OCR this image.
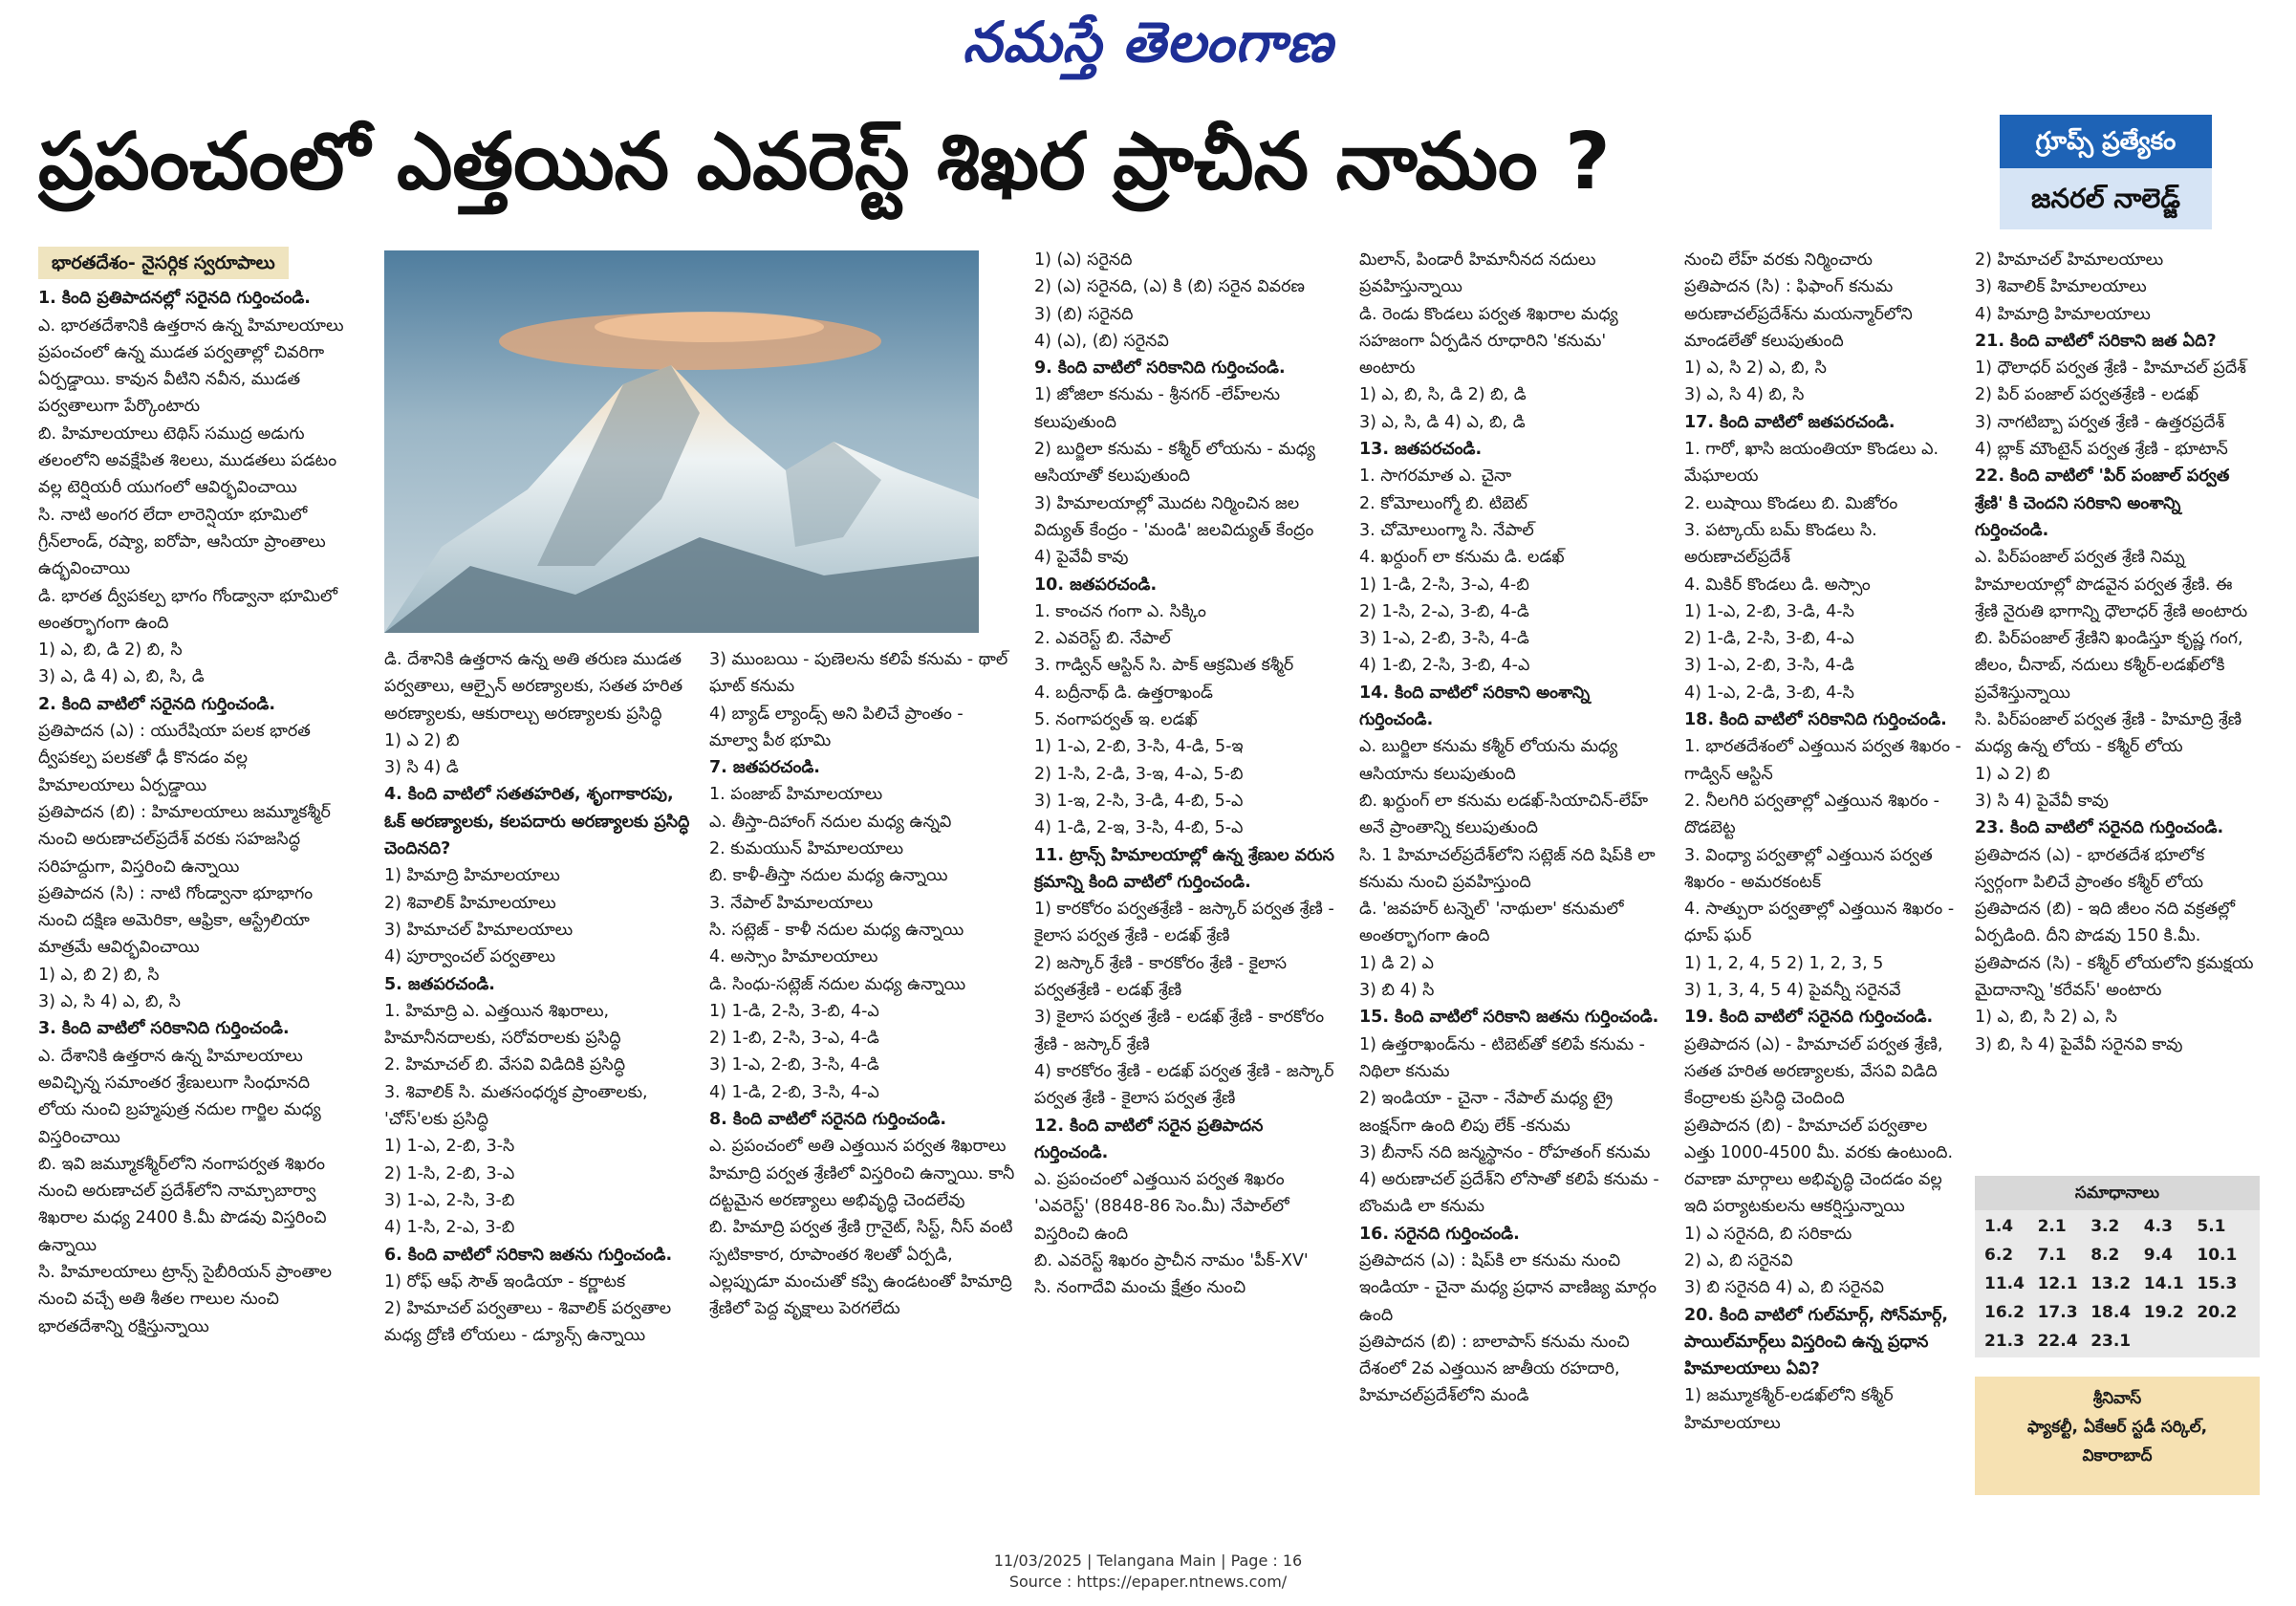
నమస్తే తెలంగాణ
ప్రపంచంలో ఎత్తయిన ఎవరెస్ట్ శిఖర ప్రాచీన నామం ?	గ్రూప్స్ ప్రత్యేకం
జనరల్ నాలెడ్జ్
భారతదేశం- నైసర్గిక స్వరూపాలు

1. కింది ప్రతిపాదనల్లో సరైనది గుర్తించండి.

ఎ. భారతదేశానికి ఉత్తరాన ఉన్న హిమాలయాలు ప్రపంచంలో ఉన్న ముడత పర్వతాల్లో చివరిగా ఏర్పడ్డాయి. కావున వీటిని నవీన, ముడత పర్వతాలుగా పేర్కొంటారు

బి. హిమాలయాలు టెథిస్ సముద్ర అడుగు తలంలోని అవక్షేపిత శిలలు, ముడతలు పడటం వల్ల టెర్షియరీ యుగంలో ఆవిర్భవించాయి

సి. నాటి అంగర లేదా లారెన్షియా భూమిలో గ్రీన్‌లాండ్, రష్యా, ఐరోపా, ఆసియా ప్రాంతాలు ఉద్భవించాయి

డి. భారత ద్వీపకల్ప భాగం గోండ్వానా భూమిలో అంతర్భాగంగా ఉంది

1) ఎ, బి, డి 2) బి, సి

3) ఎ, డి 4) ఎ, బి, సి, డి

2. కింది వాటిలో సరైనది గుర్తించండి.

ప్రతిపాదన (ఎ) : యురేషియా పలక భారత ద్వీపకల్ప పలకతో ఢీ కొనడం వల్ల హిమాలయాలు ఏర్పడ్డాయి

ప్రతిపాదన (బి) : హిమాలయాలు జమ్మూకశ్మీర్ నుంచి అరుణాచల్‌ప్రదేశ్ వరకు సహజసిద్ధ సరిహద్దుగా, విస్తరించి ఉన్నాయి

ప్రతిపాదన (సి) : నాటి గోండ్వానా భూభాగం నుంచి దక్షిణ అమెరికా, ఆఫ్రికా, ఆస్ట్రేలియా మాత్రమే ఆవిర్భవించాయి

1) ఎ, బి 2) బి, సి

3) ఎ, సి 4) ఎ, బి, సి

3. కింది వాటిలో సరికానిది గుర్తించండి.

ఎ. దేశానికి ఉత్తరాన ఉన్న హిమాలయాలు అవిచ్ఛిన్న సమాంతర శ్రేణులుగా సింధూనది లోయ నుంచి బ్రహ్మపుత్ర నదుల గార్జిల మధ్య విస్తరించాయి

బి. ఇవి జమ్మూకశ్మీర్‌లోని నంగాపర్వత శిఖరం నుంచి అరుణాచల్ ప్రదేశ్‌లోని నామ్చాబార్వా శిఖరాల మధ్య 2400 కి.మీ పొడవు విస్తరించి ఉన్నాయి

సి. హిమాలయాలు ట్రాన్స్ సైబీరియన్ ప్రాంతాల నుంచి వచ్చే అతి శీతల గాలుల నుంచి భారతదేశాన్ని రక్షిస్తున్నాయి

డి. దేశానికి ఉత్తరాన ఉన్న అతి తరుణ ముడత పర్వతాలు, ఆల్పైన్ అరణ్యాలకు, సతత హరిత అరణ్యాలకు, ఆకురాల్చు అరణ్యాలకు ప్రసిద్ధి

1) ఎ 2) బి

3) సి 4) డి

4. కింది వాటిలో సతతహరిత, శృంగాకారపు, ఓక్ అరణ్యాలకు, కలపదారు అరణ్యాలకు ప్రసిద్ధి చెందినది?

1) హిమాద్రి హిమాలయాలు

2) శివాలిక్ హిమాలయాలు

3) హిమాచల్ హిమాలయాలు

4) పూర్వాంచల్ పర్వతాలు

5. జతపరచండి.

1. హిమాద్రి ఎ. ఎత్తయిన శిఖరాలు, హిమానీనదాలకు, సరోవరాలకు ప్రసిద్ధి

2. హిమాచల్ బి. వేసవి విడిదికి ప్రసిద్ధి

3. శివాలిక్ సి. మతసంధర్శక ప్రాంతాలకు, 'చోస్'లకు ప్రసిద్ధి

1) 1-ఎ, 2-బి, 3-సి

2) 1-సి, 2-బి, 3-ఎ

3) 1-ఎ, 2-సి, 3-బి

4) 1-సి, 2-ఎ, 3-బి

6. కింది వాటిలో సరికాని జతను గుర్తించండి.

1) రోఫ్ ఆఫ్ సౌత్ ఇండియా - కర్ణాటక

2) హిమాచల్ పర్వతాలు - శివాలిక్ పర్వతాల మధ్య ద్రోణి లోయలు - డ్యూన్స్ ఉన్నాయి

3) ముంబయి - పుణెలను కలిపే కనుమ - థాల్ ఘాట్ కనుమ

4) బ్యాడ్ ల్యాండ్స్ అని పిలిచే ప్రాంతం - మాల్వా పీఠ భూమి

7. జతపరచండి.

1. పంజాబ్ హిమాలయాలు

ఎ. తీస్తా-దిహాంగ్ నదుల మధ్య ఉన్నవి

2. కుమయున్ హిమాలయాలు

బి. కాళీ-తీస్తా నదుల మధ్య ఉన్నాయి

3. నేపాల్ హిమాలయాలు

సి. సట్లెజ్ - కాళీ నదుల మధ్య ఉన్నాయి

4. అస్సాం హిమాలయాలు

డి. సింధు-సట్లెజ్ నదుల మధ్య ఉన్నాయి

1) 1-డి, 2-సి, 3-బి, 4-ఎ

2) 1-బి, 2-సి, 3-ఎ, 4-డి

3) 1-ఎ, 2-బి, 3-సి, 4-డి

4) 1-డి, 2-బి, 3-సి, 4-ఎ

8. కింది వాటిలో సరైనది గుర్తించండి.

ఎ. ప్రపంచంలో అతి ఎత్తయిన పర్వత శిఖరాలు హిమాద్రి పర్వత శ్రేణిలో విస్తరించి ఉన్నాయి. కానీ దట్టమైన అరణ్యాలు అభివృద్ధి చెందలేవు

బి. హిమాద్రి పర్వత శ్రేణి గ్రానైట్, సిస్ట్, నీస్ వంటి స్పటికాకార, రూపాంతర శిలతో ఏర్పడి, ఎల్లప్పుడూ మంచుతో కప్పి ఉండటంతో హిమాద్రి శ్రేణిలో పెద్ద వృక్షాలు పెరగలేదు

1) (ఎ) సరైనది

2) (ఎ) సరైనది, (ఎ) కి (బి) సరైన వివరణ

3) (బి) సరైనది

4) (ఎ), (బి) సరైనవి

9. కింది వాటిలో సరికానిది గుర్తించండి.

1) జోజిలా కనుమ - శ్రీనగర్ -లేహ్‌లను కలుపుతుంది

2) బుర్జిలా కనుమ - కశ్మీర్ లోయను - మధ్య ఆసియాతో కలుపుతుంది

3) హిమాలయాల్లో మొదట నిర్మించిన జల విద్యుత్ కేంద్రం - 'మండి' జలవిద్యుత్ కేంద్రం

4) పైవేవీ కావు

10. జతపరచండి.

1. కాంచన గంగా ఎ. సిక్కిం

2. ఎవరెస్ట్ బి. నేపాల్

3. గాడ్విన్ ఆస్టిన్ సి. పాక్ ఆక్రమిత కశ్మీర్

4. బద్రీనాథ్ డి. ఉత్తరాఖండ్

5. నంగాపర్వత్ ఇ. లడఖ్

1) 1-ఎ, 2-బి, 3-సి, 4-డి, 5-ఇ

2) 1-సి, 2-డి, 3-ఇ, 4-ఎ, 5-బి

3) 1-ఇ, 2-సి, 3-డి, 4-బి, 5-ఎ

4) 1-డి, 2-ఇ, 3-సి, 4-బి, 5-ఎ

11. ట్రాన్స్ హిమాలయాల్లో ఉన్న శ్రేణుల వరుస క్రమాన్ని కింది వాటిలో గుర్తించండి.

1) కారకోరం పర్వతశ్రేణి - జస్కార్ పర్వత శ్రేణి - కైలాస పర్వత శ్రేణి - లడఖ్ శ్రేణి

2) జస్కార్ శ్రేణి - కారకోరం శ్రేణి - కైలాస పర్వతశ్రేణి - లడఖ్ శ్రేణి

3) కైలాస పర్వత శ్రేణి - లడఖ్ శ్రేణి - కారకోరం శ్రేణి - జస్కార్ శ్రేణి

4) కారకోరం శ్రేణి - లడఖ్ పర్వత శ్రేణి - జస్కార్ పర్వత శ్రేణి - కైలాస పర్వత శ్రేణి

12. కింది వాటిలో సరైన ప్రతిపాదన గుర్తించండి.

ఎ. ప్రపంచంలో ఎత్తయిన పర్వత శిఖరం 'ఎవరెస్ట్' (8848-86 సెం.మీ) నేపాల్‌లో విస్తరించి ఉంది

బి. ఎవరెస్ట్ శిఖరం ప్రాచీన నామం 'పీక్-XV'

సి. నంగాదేవి మంచు క్షేత్రం నుంచి

మిలాన్, పిండారీ హిమానీనద నదులు ప్రవహిస్తున్నాయి

డి. రెండు కొండలు పర్వత శిఖరాల మధ్య సహజంగా ఏర్పడిన రూధారిని 'కనుమ' అంటారు

1) ఎ, బి, సి, డి 2) బి, డి

3) ఎ, సి, డి 4) ఎ, బి, డి

13. జతపరచండి.

1. సాగరమాత ఎ. చైనా

2. కోమోలుంగ్మో బి. టిబెట్

3. చోమోలుంగ్మా సి. నేపాల్

4. ఖర్దుంగ్ లా కనుమ డి. లడఖ్

1) 1-డి, 2-సి, 3-ఎ, 4-బి

2) 1-సి, 2-ఎ, 3-బి, 4-డి

3) 1-ఎ, 2-బి, 3-సి, 4-డి

4) 1-బి, 2-సి, 3-బి, 4-ఎ

14. కింది వాటిలో సరికాని అంశాన్ని గుర్తించండి.

ఎ. బుర్జిలా కనుమ కశ్మీర్ లోయను మధ్య ఆసియాను కలుపుతుంది

బి. ఖర్దుంగ్ లా కనుమ లడఖ్-సియాచిన్-లేహ్ అనే ప్రాంతాన్ని కలుపుతుంది

సి. 1 హిమాచల్‌ప్రదేశ్‌లోని సట్లెజ్ నది షిప్‌కి లా కనుమ నుంచి ప్రవహిస్తుంది

డి. 'జవహర్ టన్నెల్' 'నాథులా' కనుమలో అంతర్భాగంగా ఉంది

1) డి 2) ఎ

3) బి 4) సి

15. కింది వాటిలో సరికాని జతను గుర్తించండి.

1) ఉత్తరాఖండ్‌ను - టిబెట్‌తో కలిపే కనుమ - నిథిలా కనుమ

2) ఇండియా - చైనా - నేపాల్ మధ్య ట్రై జంక్షన్‌గా ఉంది లిపు లేక్ -కనుమ

3) బీనాస్ నది జన్మస్థానం - రోహతంగ్ కనుమ

4) అరుణాచల్ ప్రదేశ్‌ని లోసాతో కలిపే కనుమ - బొంమడి లా కనుమ

16. సరైనది గుర్తించండి.

ప్రతిపాదన (ఎ) : షిప్‌కి లా కనుమ నుంచి ఇండియా - చైనా మధ్య ప్రధాన వాణిజ్య మార్గం ఉంది

ప్రతిపాదన (బి) : బాలాపాస్ కనుమ నుంచి దేశంలో 2వ ఎత్తయిన జాతీయ రహదారి, హిమాచల్‌ప్రదేశ్‌లోని మండి

నుంచి లేహ్ వరకు నిర్మించారు

ప్రతిపాదన (సి) : ఫిఫాంగ్ కనుమ అరుణాచల్‌ప్రదేశ్‌ను మయన్మార్‌లోని మాండలే‌తో కలుపుతుంది

1) ఎ, సి 2) ఎ, బి, సి

3) ఎ, సి 4) బి, సి

17. కింది వాటిలో జతపరచండి.

1. గారో, ఖాసి జయంతియా కొండలు ఎ. మేఘాలయ

2. లుషాయి కొండలు బి. మిజోరం

3. పట్కాయ్ బమ్ కొండలు సి. అరుణాచల్‌ప్రదేశ్

4. మికిర్ కొండలు డి. అస్సాం

1) 1-ఎ, 2-బి, 3-డి, 4-సి

2) 1-డి, 2-సి, 3-బి, 4-ఎ

3) 1-ఎ, 2-బి, 3-సి, 4-డి

4) 1-ఎ, 2-డి, 3-బి, 4-సి

18. కింది వాటిలో సరికానిది గుర్తించండి.

1. భారతదేశంలో ఎత్తయిన పర్వత శిఖరం - గాడ్విన్ ఆస్టిన్

2. నీలగిరి పర్వతాల్లో ఎత్తయిన శిఖరం - దొడబెట్ట

3. వింధ్యా పర్వతాల్లో ఎత్తయిన పర్వత శిఖరం - అమరకంటక్

4. సాత్పురా పర్వతాల్లో ఎత్తయిన శిఖరం - ధూప్ ఘర్

1) 1, 2, 4, 5 2) 1, 2, 3, 5

3) 1, 3, 4, 5 4) పైవన్నీ సరైనవే

19. కింది వాటిలో సరైనది గుర్తించండి.

ప్రతిపాదన (ఎ) - హిమాచల్ పర్వత శ్రేణి, సతత హరిత అరణ్యాలకు, వేసవి విడిది కేంద్రాలకు ప్రసిద్ధి చెందింది

ప్రతిపాదన (బి) - హిమాచల్ పర్వతాల ఎత్తు 1000-4500 మీ. వరకు ఉంటుంది. రవాణా మార్గాలు అభివృద్ధి చెందడం వల్ల ఇది పర్యాటకులను ఆకర్షిస్తున్నాయి

1) ఎ సరైనది, బి సరికాదు

2) ఎ, బి సరైనవి

3) బి సరైనది 4) ఎ, బి సరైనవి

20. కింది వాటిలో గుల్‌మార్గ్, సోన్‌మార్గ్, పాయిల్‌మార్గ్‌లు విస్తరించి ఉన్న ప్రధాన హిమాలయాలు ఏవి?

1) జమ్మూకశ్మీర్-లడఖ్‌లోని కశ్మీర్ హిమాలయాలు

2) హిమాచల్ హిమాలయాలు

3) శివాలిక్ హిమాలయాలు

4) హిమాద్రి హిమాలయాలు

21. కింది వాటిలో సరికాని జత ఏది?

1) ధౌలాధర్ పర్వత శ్రేణి - హిమాచల్ ప్రదేశ్

2) పిర్ పంజాల్ పర్వతశ్రేణి - లడఖ్

3) నాగటిబ్బా పర్వత శ్రేణి - ఉత్తరప్రదేశ్

4) బ్లాక్ మౌంటైన్ పర్వత శ్రేణి - భూటాన్

22. కింది వాటిలో 'పిర్ పంజాల్ పర్వత శ్రేణి' కి చెందని సరికాని అంశాన్ని గుర్తించండి.

ఎ. పిర్‌పంజాల్ పర్వత శ్రేణి నిమ్న హిమాలయాల్లో పొడవైన పర్వత శ్రేణి. ఈ శ్రేణి నైరుతి భాగాన్ని ధౌలాధర్ శ్రేణి అంటారు

బి. పిర్‌పంజాల్ శ్రేణిని ఖండిస్తూ కృష్ణ గంగ, జీలం, చీనాబ్, నదులు కశ్మీర్-లడఖ్‌లోకి ప్రవేశిస్తున్నాయి

సి. పిర్‌పంజాల్ పర్వత శ్రేణి - హిమాద్రి శ్రేణి మధ్య ఉన్న లోయ - కశ్మీర్ లోయ

1) ఎ 2) బి

3) సి 4) పైవేవీ కావు

23. కింది వాటిలో సరైనది గుర్తించండి.

ప్రతిపాదన (ఎ) - భారతదేశ భూలోక స్వర్గంగా పిలిచే ప్రాంతం కశ్మీర్ లోయ

ప్రతిపాదన (బి) - ఇది జీలం నది వక్రతల్లో ఏర్పడింది. దీని పొడవు 150 కి.మీ.

ప్రతిపాదన (సి) - కశ్మీర్ లోయలోని క్రమక్షయ మైదానాన్ని 'కరేవస్' అంటారు

1) ఎ, బి, సి 2) ఎ, సి

3) బి, సి 4) పైవేవీ సరైనవి కావు

సమాధానాలు
1.4	2.1	3.2	4.3	5.1
6.2	7.1	8.2	9.4	10.1
11.4 12.1 13.2 14.1 15.3
16.2 17.3 18.4 19.2 20.2
21.3 22.4 23.1
శ్రీనివాస్
ఫ్యాకల్టీ, ఏకేఆర్ స్టడీ సర్కిల్,
వికారాబాద్
11/03/2025 | Telangana Main | Page : 16
Source : https://epaper.ntnews.com/
